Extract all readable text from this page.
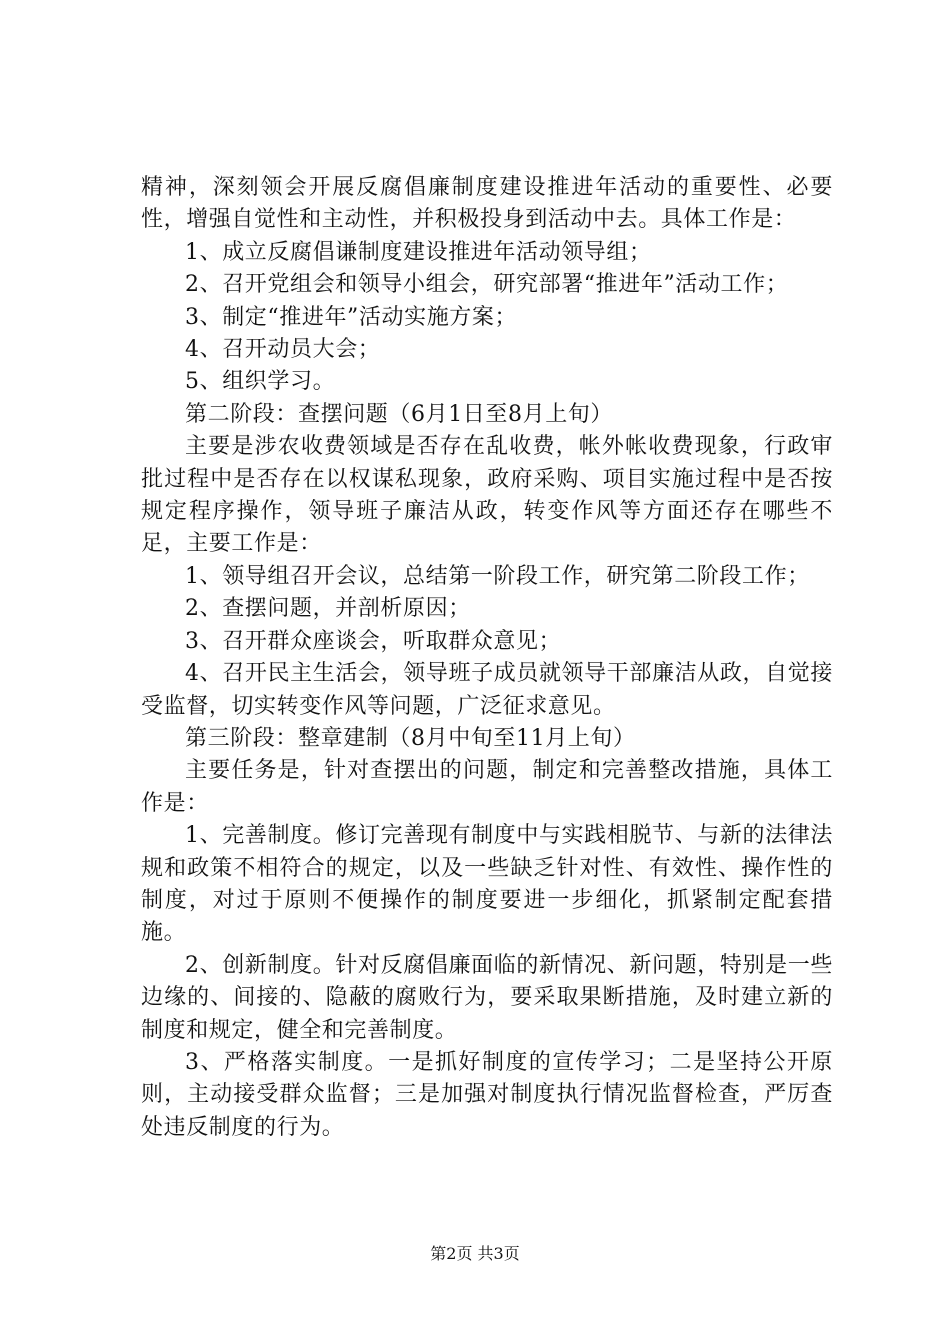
精神，深刻领会开展反腐倡廉制度建设推进年活动的重要性、必要性，增强自觉性和主动性，并积极投身到活动中去。具体工作是：

1、成立反腐倡谦制度建设推进年活动领导组；

2、召开党组会和领导小组会，研究部署“推进年”活动工作；

3、制定“推进年”活动实施方案；

4、召开动员大会；

5、组织学习。

第二阶段：查摆问题（6月1日至8月上旬）

主要是涉农收费领域是否存在乱收费，帐外帐收费现象，行政审批过程中是否存在以权谋私现象，政府采购、项目实施过程中是否按规定程序操作，领导班子廉洁从政，转变作风等方面还存在哪些不足，主要工作是：

1、领导组召开会议，总结第一阶段工作，研究第二阶段工作；

2、查摆问题，并剖析原因；

3、召开群众座谈会，听取群众意见；

4、召开民主生活会，领导班子成员就领导干部廉洁从政，自觉接受监督，切实转变作风等问题，广泛征求意见。

第三阶段：整章建制（8月中旬至11月上旬）

主要任务是，针对查摆出的问题，制定和完善整改措施，具体工作是：

1、完善制度。修订完善现有制度中与实践相脱节、与新的法律法规和政策不相符合的规定，以及一些缺乏针对性、有效性、操作性的制度，对过于原则不便操作的制度要进一步细化，抓紧制定配套措施。

2、创新制度。针对反腐倡廉面临的新情况、新问题，特别是一些边缘的、间接的、隐蔽的腐败行为，要采取果断措施，及时建立新的制度和规定，健全和完善制度。

3、严格落实制度。一是抓好制度的宣传学习；二是坚持公开原则，主动接受群众监督；三是加强对制度执行情况监督检查，严厉查处违反制度的行为。

第2页 共3页
